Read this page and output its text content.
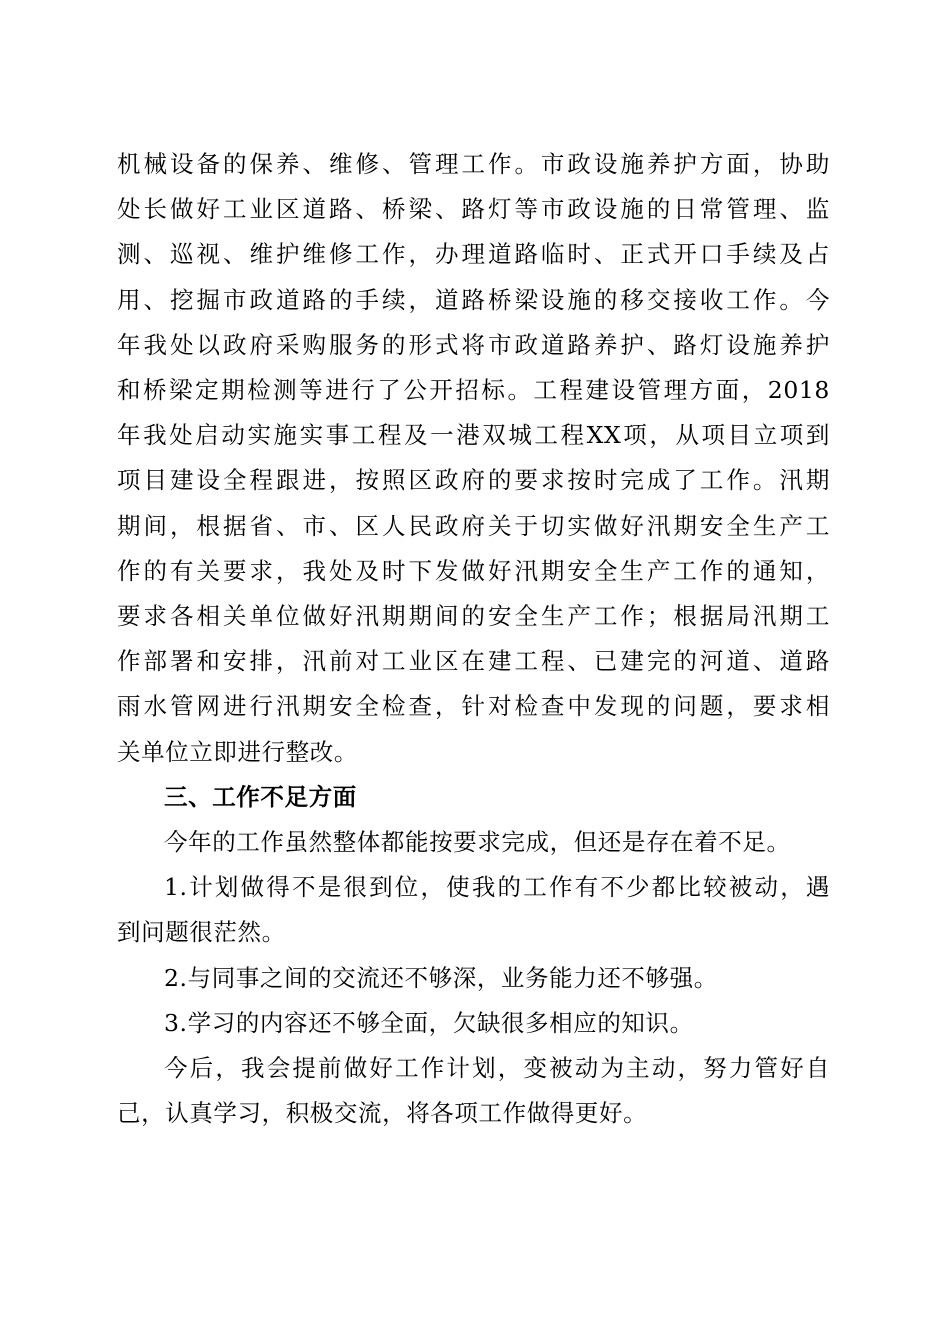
机械设备的保养、维修、管理工作。市政设施养护方面，协助
处长做好工业区道路、桥梁、路灯等市政设施的日常管理、监
测、巡视、维护维修工作，办理道路临时、正式开口手续及占
用、挖掘市政道路的手续，道路桥梁设施的移交接收工作。今
年我处以政府采购服务的形式将市政道路养护、路灯设施养护
和桥梁定期检测等进行了公开招标。工程建设管理方面，2018
年我处启动实施实事工程及一港双城工程XX项，从项目立项到
项目建设全程跟进，按照区政府的要求按时完成了工作。汛期
期间，根据省、市、区人民政府关于切实做好汛期安全生产工
作的有关要求，我处及时下发做好汛期安全生产工作的通知，
要求各相关单位做好汛期期间的安全生产工作；根据局汛期工
作部署和安排，汛前对工业区在建工程、已建完的河道、道路
雨水管网进行汛期安全检查，针对检查中发现的问题，要求相
关单位立即进行整改。
三、工作不足方面
今年的工作虽然整体都能按要求完成，但还是存在着不足。
1.计划做得不是很到位，使我的工作有不少都比较被动，遇
到问题很茫然。
2.与同事之间的交流还不够深，业务能力还不够强。
3.学习的内容还不够全面，欠缺很多相应的知识。
今后，我会提前做好工作计划，变被动为主动，努力管好自
己，认真学习，积极交流，将各项工作做得更好。
